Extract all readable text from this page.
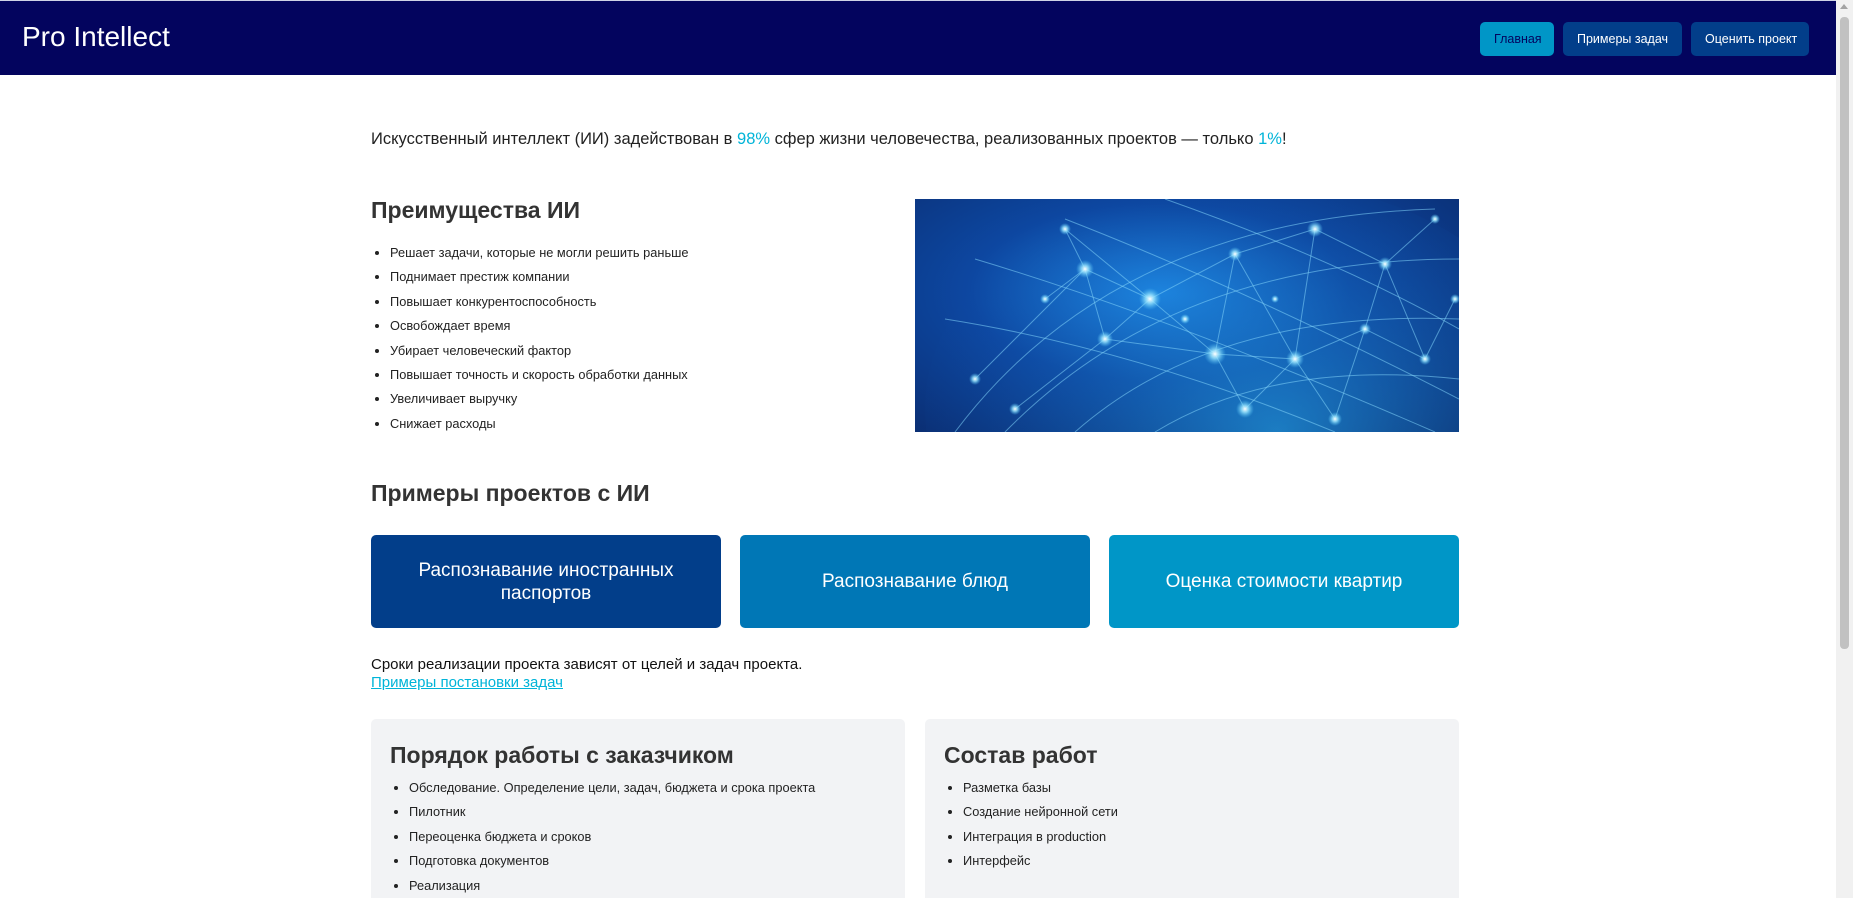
Pro Intellect	Главная	Примеры задач	Оценить проект
Искусственный интеллект (ИИ) задействован в 98% сфер жизни человечества, реализованных проектов — только 1%!
Преимущества ИИ
• Решает задачи, которые не могли решить раньше
• Поднимает престиж компании
• Повышает конкурентоспособность
• Освобождает время
• Убирает человеческий фактор
• Повышает точность и скорость обработки данных
• Увеличивает выручку
• Снижает расходы
Примеры проектов с ИИ
Распознавание иностранных паспортов
Распознавание блюд	Оценка стоимости квартир
Сроки реализации проекта зависят от целей и задач проекта.
Примеры постановки задач
Порядок работы с заказчиком
• Обследование. Определение цели, задач, бюджета и срока проекта
• Пилотник
• Переоценка бюджета и сроков
• Подготовка документов
• Реализация
Состав работ
• Разметка базы
• Создание нейронной сети
• Интеграция в production
• Интерфейс
